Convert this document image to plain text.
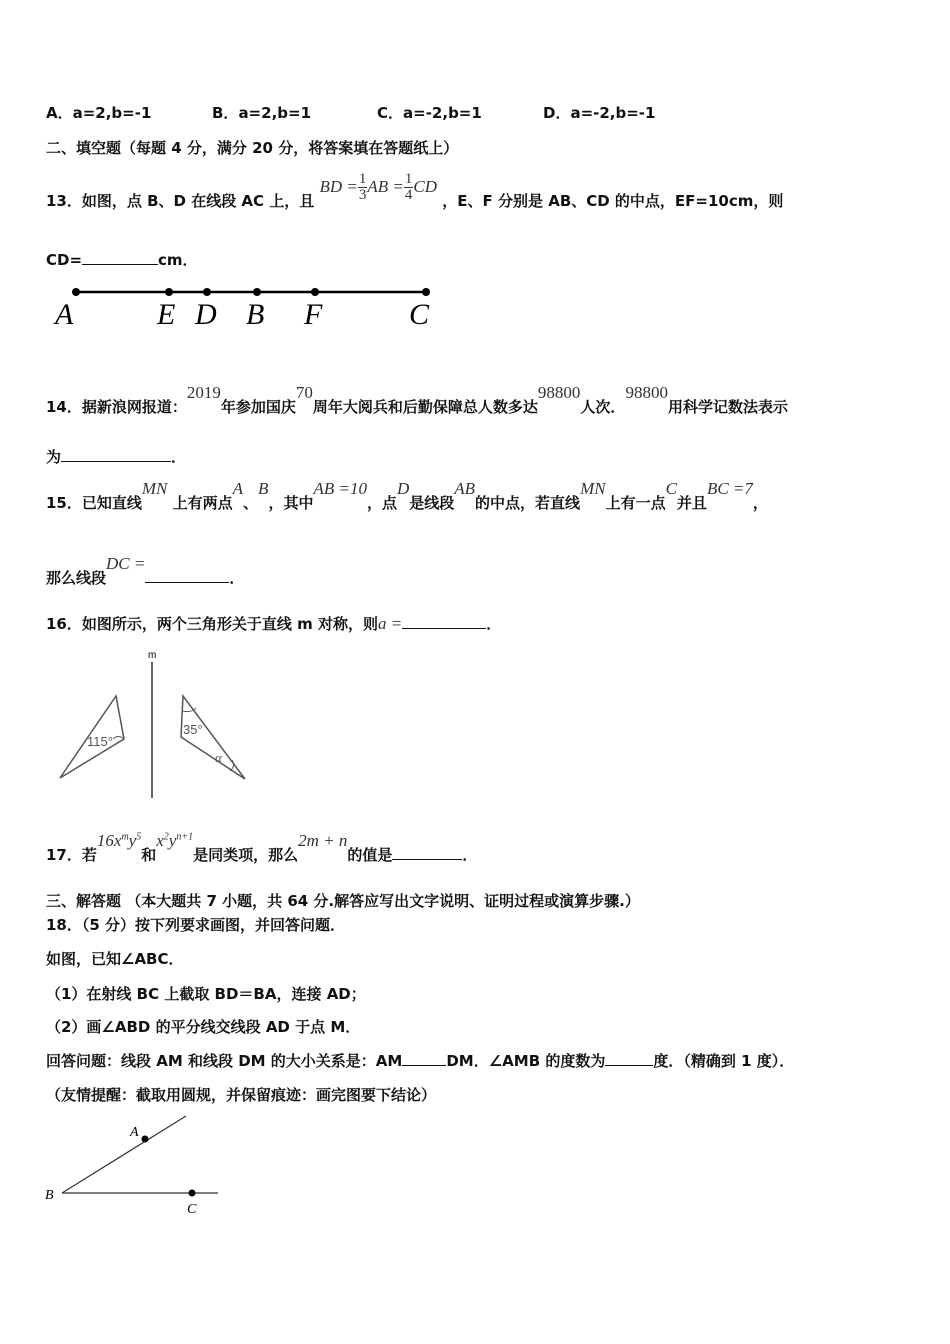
A．a=2,b=-1	B．a=2,b=1	C．a=-2,b=1	D．a=-2,b=-1
二、填空题（每题 4 分，满分 20 分，将答案填在答题纸上）
13．如图，点 B、D 在线段 AC 上，且 BD = $\frac{1}{3}$ AB = $\frac{1}{4}$ CD ，E、F 分别是 AB、CD 的中点，EF=10cm，则
CD=	cm．
A	E D B F	C
14．据新浪网报道：2019年参加国庆70周年大阅兵和后勤保障总人数多达98800人次．98800用科学记数法表示
为	．
15．已知直线MN 上有两点A、B，其中AB =10，点D是线段AB的中点，若直线MN上有一点C并且BC =7，
那么线段DC =．
16．如图所示，两个三角形关于直线 m 对称，则a =	．
m
115°
35°
α
17．若$16x^my^5$和$x^2y^{n+1}$是同类项，那么2m + n的值是	．
三、解答题 （本大题共 7 小题，共 64 分.解答应写出文字说明、证明过程或演算步骤.）
18．（5 分）按下列要求画图，并回答问题．
如图，已知∠ABC．
（1）在射线 BC 上截取 BD＝BA，连接 AD；
（2）画∠ABD 的平分线交线段 AD 于点 M．
回答问题：线段 AM 和线段 DM 的大小关系是：AM	DM．∠AMB 的度数为	度．（精确到 1 度）．
（友情提醒：截取用圆规，并保留痕迹：画完图要下结论）
A
B
C
